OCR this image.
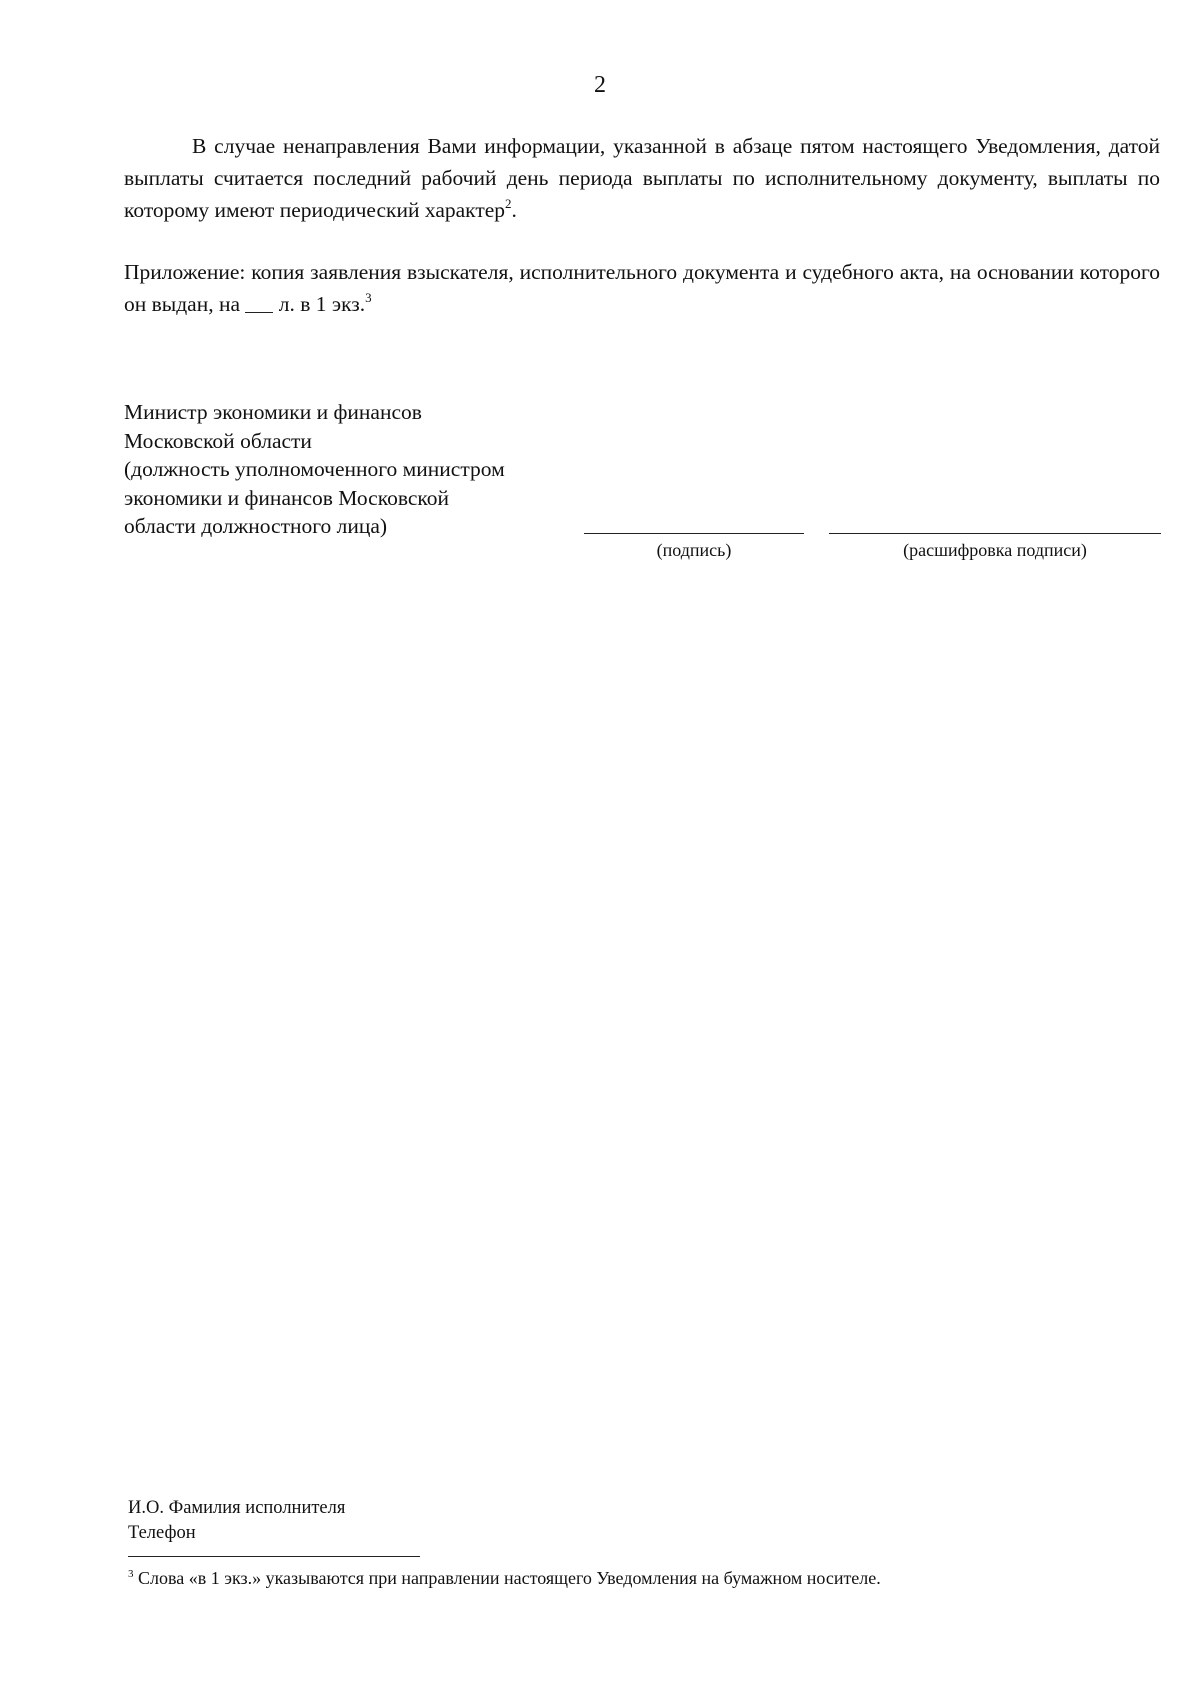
2
В случае ненаправления Вами информации, указанной в абзаце пятом настоящего Уведомления, датой выплаты считается последний рабочий день периода выплаты по исполнительному документу, выплаты по которому имеют периодический характер$^2$.
Приложение: копия заявления взыскателя, исполнительного документа и судебного акта, на основании которого он выдан, на л. в 1 экз.$^3$
Министр экономики и финансов
Московской области
(должность уполномоченного министром
экономики и финансов Московской
области должностного лица)
(подпись)	(расшифровка подписи)
И.О. Фамилия исполнителя
Телефон
$^3$ Слова «в 1 экз.» указываются при направлении настоящего Уведомления на бумажном носителе.
